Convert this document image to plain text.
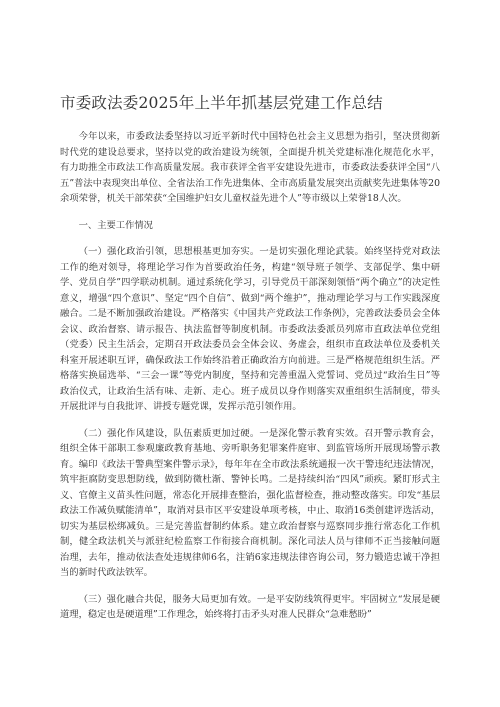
市委政法委2025年上半年抓基层党建工作总结

今年以来，市委政法委坚持以习近平新时代中国特色社会主义思想为指引，坚决贯彻新时代党的建设总要求，坚持以党的政治建设为统领，全面提升机关党建标准化规范化水平，有力助推全市政法工作高质量发展。我市获评全省平安建设先进市，市委政法委获评全国“八五”普法中表现突出单位、全省法治工作先进集体、全市高质量发展突出贡献奖先进集体等20余项荣誉，机关干部荣获“全国维护妇女儿童权益先进个人”等市级以上荣誉18人次。

一、主要工作情况

（一）强化政治引领，思想根基更加夯实。一是切实强化理论武装。始终坚持党对政法工作的绝对领导，将理论学习作为首要政治任务，构建“领导班子领学、支部促学、集中研学、党员自学”四学联动机制。通过系统化学习，引导党员干部深刻领悟“两个确立”的决定性意义，增强“四个意识”、坚定“四个自信”、做到“两个维护”，推动理论学习与工作实践深度融合。二是不断加强政治建设。严格落实《中国共产党政法工作条例》，完善政法委员会全体会议、政治督察、请示报告、执法监督等制度机制。市委政法委派员列席市直政法单位党组（党委）民主生活会，定期召开政法委员会全体会议、务虚会，组织市直政法单位及委机关科室开展述职互评，确保政法工作始终沿着正确政治方向前进。三是严格规范组织生活。严格落实换届选举、“三会一课”等党内制度，坚持和完善重温入党誓词、党员过“政治生日”等政治仪式，让政治生活有味、走新、走心。班子成员以身作则落实双重组织生活制度，带头开展批评与自我批评、讲授专题党课，发挥示范引领作用。

（二）强化作风建设，队伍素质更加过硬。一是深化警示教育实效。召开警示教育会，组织全体干部职工参观廉政教育基地、旁听职务犯罪案件庭审、到监管场所开展现场警示教育。编印《政法干警典型案件警示录》，每年年在全市政法系统通报一次干警违纪违法情况，筑牢拒腐防变思想防线，做到防微杜渐、警钟长鸣。二是持续纠治“四风”顽疾。紧盯形式主义、官僚主义苗头性问题，常态化开展排查整治，强化监督检查，推动整改落实。印发“基层政法工作减负赋能清单”，取消对县市区平安建设单项考核，中止、取消16类创建评选活动，切实为基层松绑减负。三是完善监督制约体系。建立政治督察与巡察同步推行常态化工作机制，健全政法机关与派驻纪检监察工作衔接合商机制。深化司法人员与律师不正当接触问题治理，去年，推动依法查处违规律师6名，注销6家违规法律咨询公司，努力锻造忠诚干净担当的新时代政法铁军。

（三）强化融合共促，服务大局更加有效。一是平安防线筑得更牢。牢固树立“发展是硬道理，稳定也是硬道理”工作理念，始终将打击矛头对准人民群众“急难愁盼”
